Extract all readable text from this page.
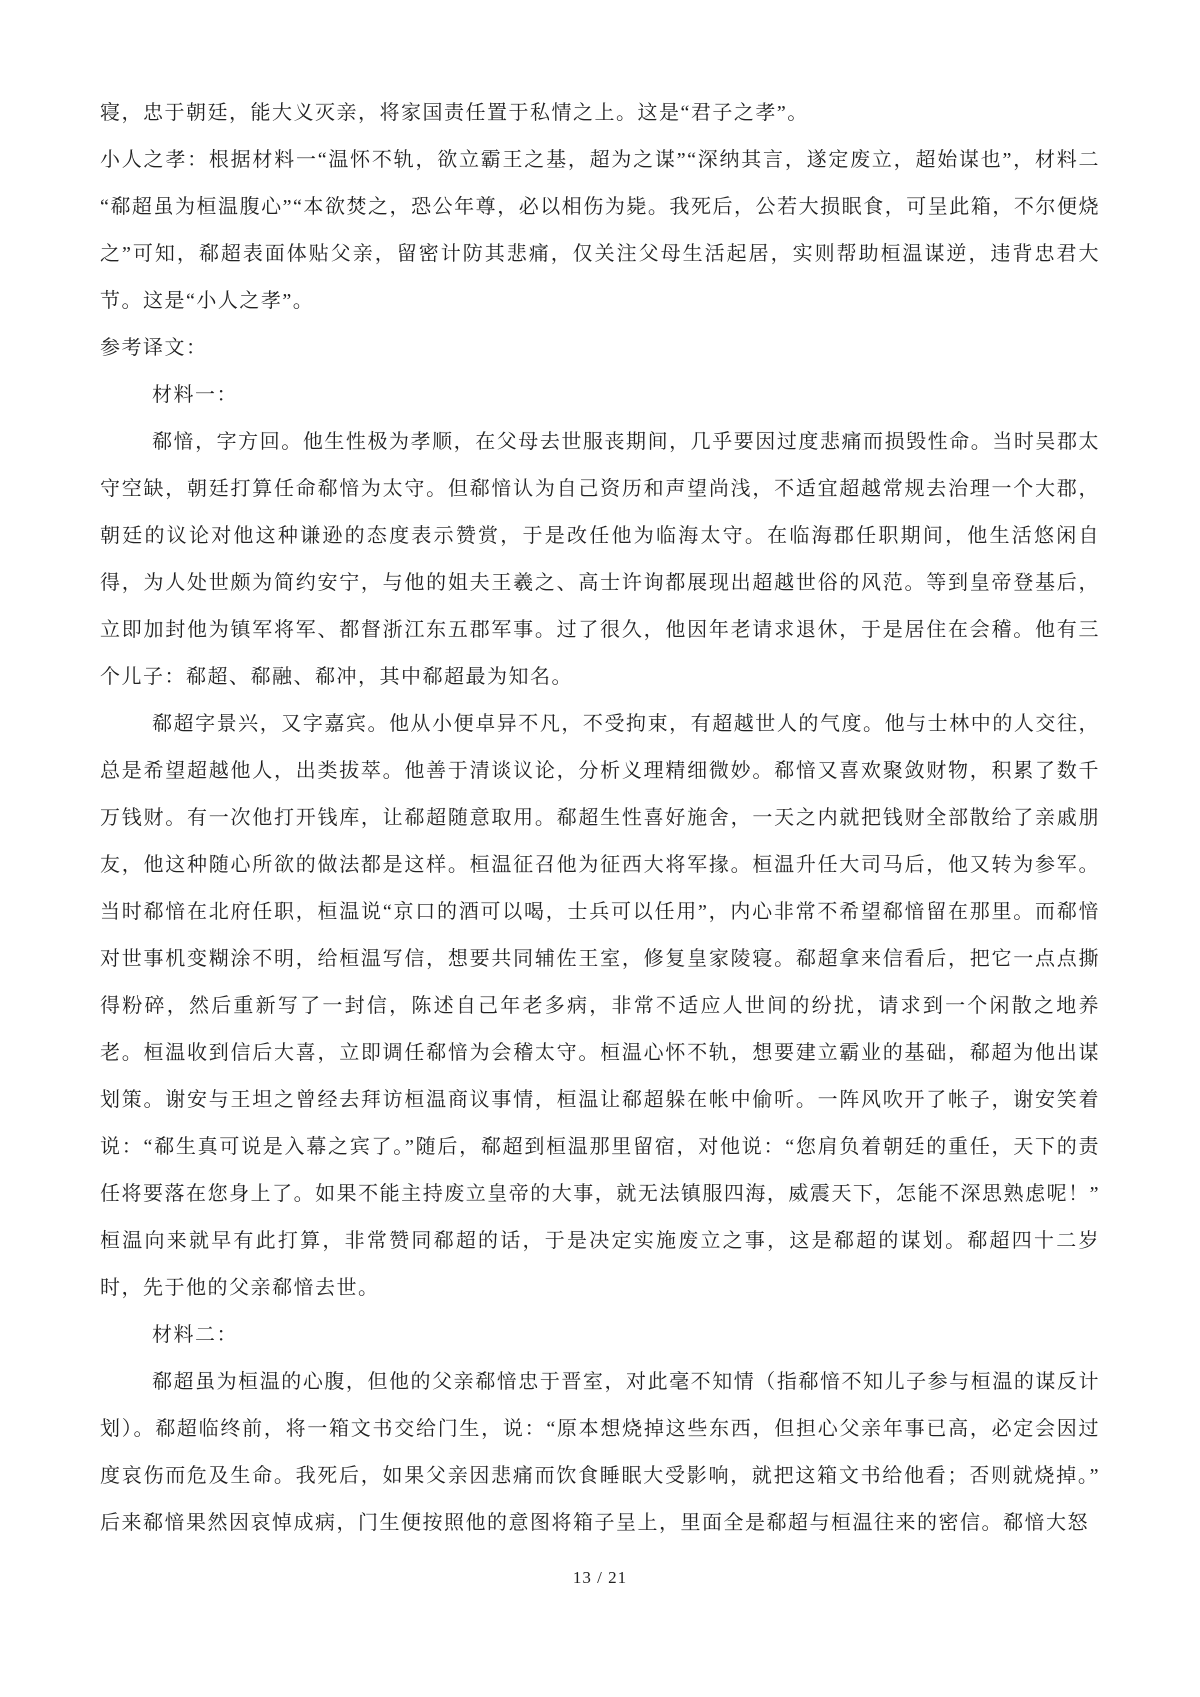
寝，忠于朝廷，能大义灭亲，将家国责任置于私情之上。这是“君子之孝”。

小人之孝：根据材料一“温怀不轨，欲立霸王之基，超为之谋”“深纳其言，遂定废立，超始谋也”，材料二“郗超虽为桓温腹心”“本欲焚之，恐公年尊，必以相伤为毙。我死后，公若大损眠食，可呈此箱，不尔便烧之”可知，郗超表面体贴父亲，留密计防其悲痛，仅关注父母生活起居，实则帮助桓温谋逆，违背忠君大节。这是“小人之孝”。

参考译文：

材料一：

郗愔，字方回。他生性极为孝顺，在父母去世服丧期间，几乎要因过度悲痛而损毁性命。当时吴郡太守空缺，朝廷打算任命郗愔为太守。但郗愔认为自己资历和声望尚浅，不适宜超越常规去治理一个大郡，朝廷的议论对他这种谦逊的态度表示赞赏，于是改任他为临海太守。在临海郡任职期间，他生活悠闲自得，为人处世颇为简约安宁，与他的姐夫王羲之、高士许询都展现出超越世俗的风范。等到皇帝登基后，立即加封他为镇军将军、都督浙江东五郡军事。过了很久，他因年老请求退休，于是居住在会稽。他有三个儿子：郗超、郗融、郗冲，其中郗超最为知名。

郗超字景兴，又字嘉宾。他从小便卓异不凡，不受拘束，有超越世人的气度。他与士林中的人交往，总是希望超越他人，出类拔萃。他善于清谈议论，分析义理精细微妙。郗愔又喜欢聚敛财物，积累了数千万钱财。有一次他打开钱库，让郗超随意取用。郗超生性喜好施舍，一天之内就把钱财全部散给了亲戚朋友，他这种随心所欲的做法都是这样。桓温征召他为征西大将军掾。桓温升任大司马后，他又转为参军。当时郗愔在北府任职，桓温说“京口的酒可以喝，士兵可以任用”，内心非常不希望郗愔留在那里。而郗愔对世事机变糊涂不明，给桓温写信，想要共同辅佐王室，修复皇家陵寝。郗超拿来信看后，把它一点点撕得粉碎，然后重新写了一封信，陈述自己年老多病，非常不适应人世间的纷扰，请求到一个闲散之地养老。桓温收到信后大喜，立即调任郗愔为会稽太守。桓温心怀不轨，想要建立霸业的基础，郗超为他出谋划策。谢安与王坦之曾经去拜访桓温商议事情，桓温让郗超躲在帐中偷听。一阵风吹开了帐子，谢安笑着说：“郗生真可说是入幕之宾了。”随后，郗超到桓温那里留宿，对他说：“您肩负着朝廷的重任，天下的责任将要落在您身上了。如果不能主持废立皇帝的大事，就无法镇服四海，威震天下，怎能不深思熟虑呢！”桓温向来就早有此打算，非常赞同郗超的话，于是决定实施废立之事，这是郗超的谋划。郗超四十二岁时，先于他的父亲郗愔去世。

材料二：

郗超虽为桓温的心腹，但他的父亲郗愔忠于晋室，对此毫不知情（指郗愔不知儿子参与桓温的谋反计划）。郗超临终前，将一箱文书交给门生，说：“原本想烧掉这些东西，但担心父亲年事已高，必定会因过度哀伤而危及生命。我死后，如果父亲因悲痛而饮食睡眠大受影响，就把这箱文书给他看；否则就烧掉。”后来郗愔果然因哀悼成病，门生便按照他的意图将箱子呈上，里面全是郗超与桓温往来的密信。郗愔大怒

13 / 21
